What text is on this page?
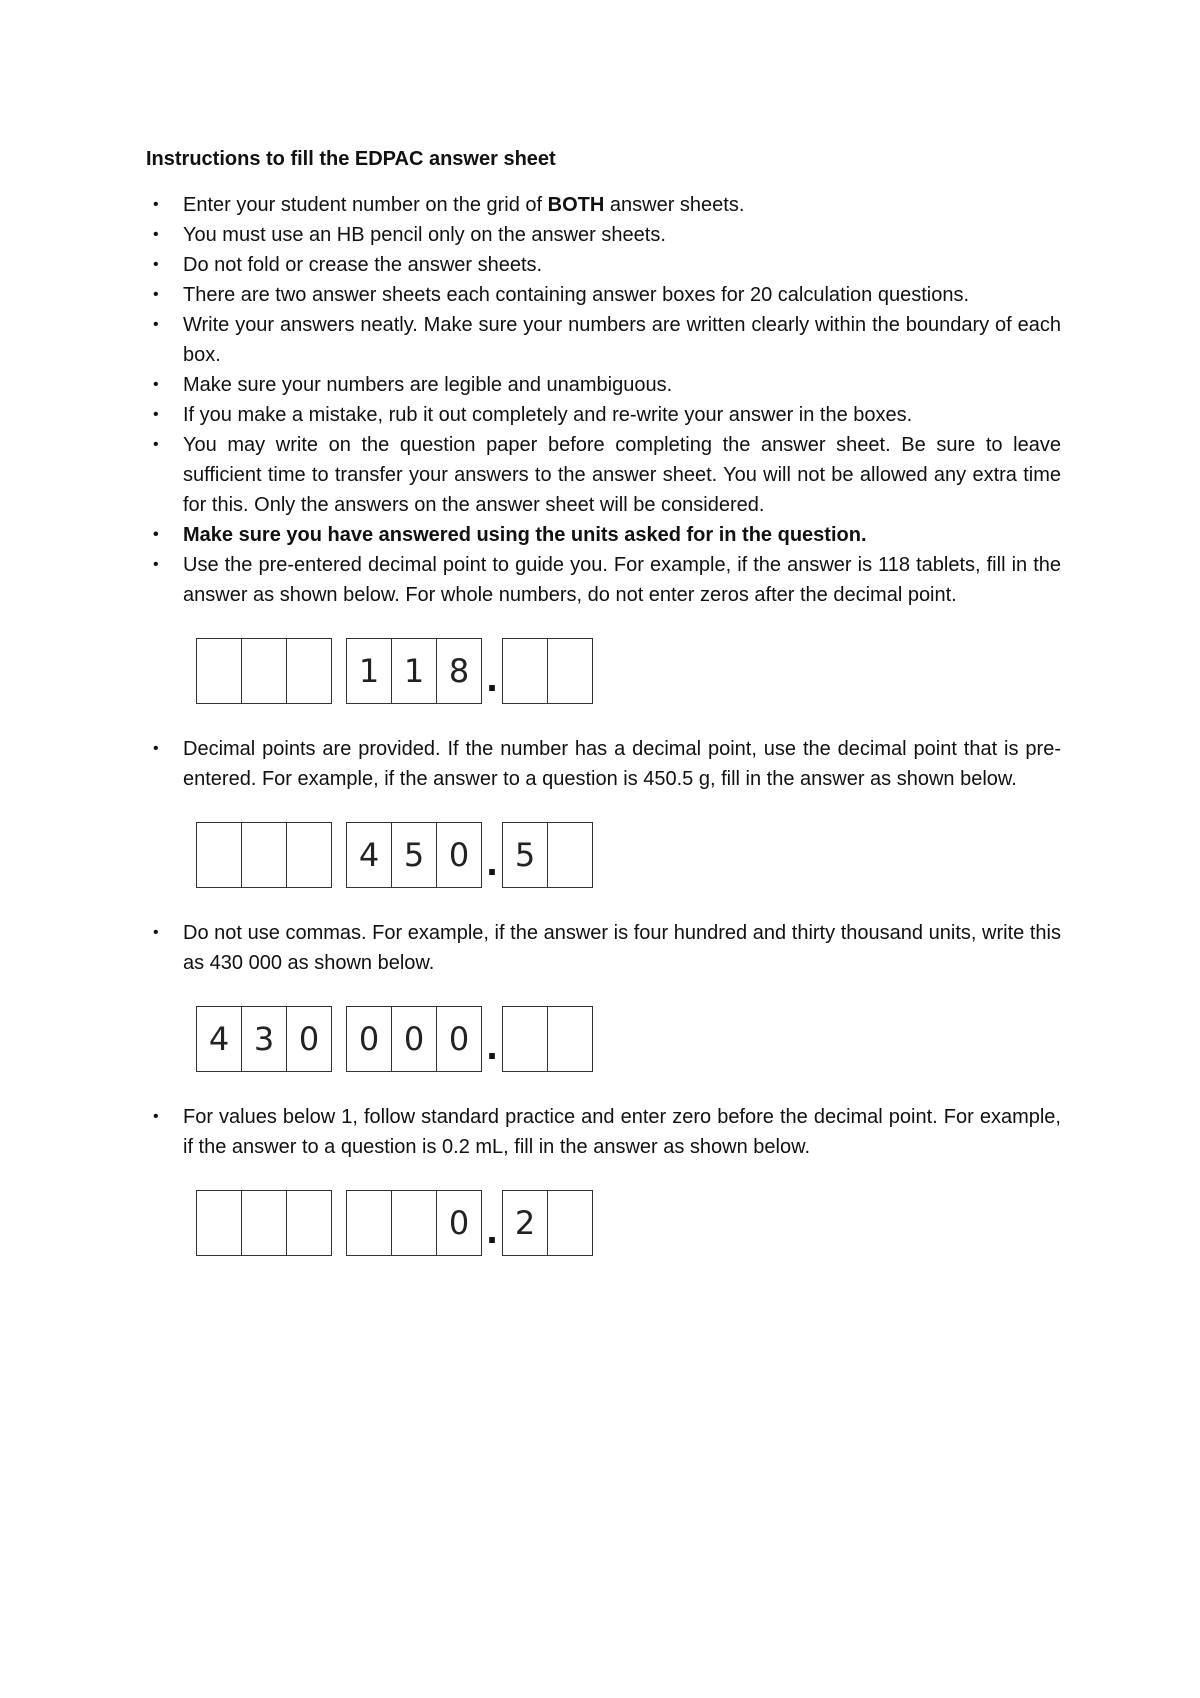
Instructions to fill the EDPAC answer sheet
• Enter your student number on the grid of BOTH answer sheets.
• You must use an HB pencil only on the answer sheets.
• Do not fold or crease the answer sheets.
• There are two answer sheets each containing answer boxes for 20 calculation questions.
• Write your answers neatly. Make sure your numbers are written clearly within the boundary of each box.
• Make sure your numbers are legible and unambiguous.
• If you make a mistake, rub it out completely and re-write your answer in the boxes.
• You may write on the question paper before completing the answer sheet. Be sure to leave sufficient time to transfer your answers to the answer sheet. You will not be allowed any extra time for this. Only the answers on the answer sheet will be considered.
• Make sure you have answered using the units asked for in the question.
• Use the pre-entered decimal point to guide you. For example, if the answer is 118 tablets, fill in the answer as shown below. For whole numbers, do not enter zeros after the decimal point.
1 1 8 .
• Decimal points are provided. If the number has a decimal point, use the decimal point that is pre-entered. For example, if the answer to a question is 450.5 g, fill in the answer as shown below.
4 5 0 . 5
• Do not use commas. For example, if the answer is four hundred and thirty thousand units, write this as 430 000 as shown below.
4 3 0	0 0 0 .
• For values below 1, follow standard practice and enter zero before the decimal point. For example, if the answer to a question is 0.2 mL, fill in the answer as shown below.
0 . 2
